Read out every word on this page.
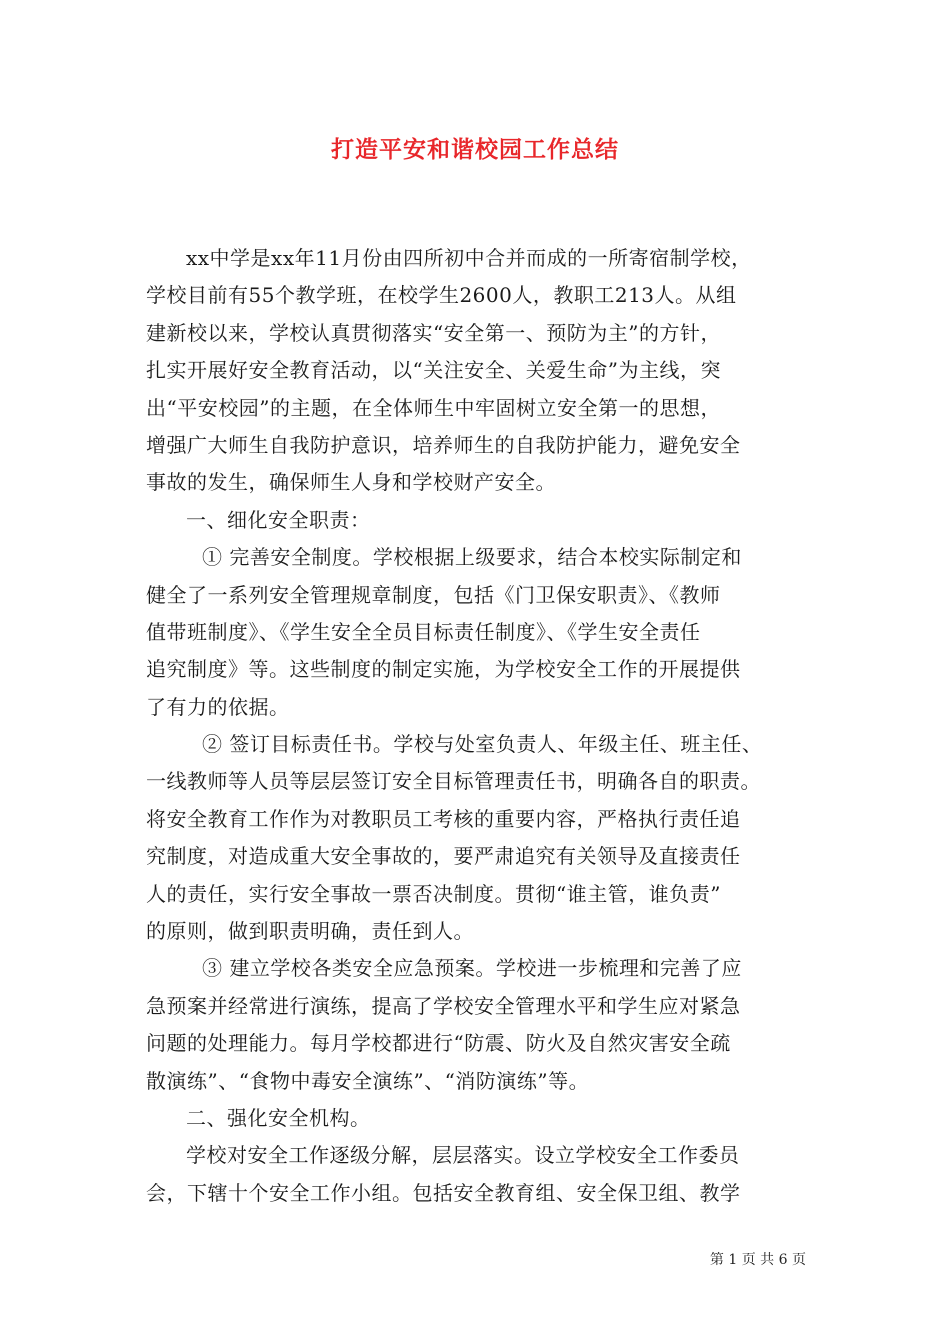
打造平安和谐校园工作总结
xx中学是xx年11月份由四所初中合并而成的一所寄宿制学校，
学校目前有55个教学班，在校学生2600人，教职工213人。从组
建新校以来，学校认真贯彻落实“安全第一、预防为主”的方针，
扎实开展好安全教育活动，以“关注安全、关爱生命”为主线，突
出“平安校园”的主题，在全体师生中牢固树立安全第一的思想，
增强广大师生自我防护意识，培养师生的自我防护能力，避免安全
事故的发生，确保师生人身和学校财产安全。
一、细化安全职责：
① 完善安全制度。学校根据上级要求，结合本校实际制定和
健全了一系列安全管理规章制度，包括《门卫保安职责》、《教师
值带班制度》、《学生安全全员目标责任制度》、《学生安全责任
追究制度》等。这些制度的制定实施，为学校安全工作的开展提供
了有力的依据。
② 签订目标责任书。学校与处室负责人、年级主任、班主任、
一线教师等人员等层层签订安全目标管理责任书，明确各自的职责。
将安全教育工作作为对教职员工考核的重要内容，严格执行责任追
究制度，对造成重大安全事故的，要严肃追究有关领导及直接责任
人的责任，实行安全事故一票否决制度。贯彻“谁主管，谁负责”
的原则，做到职责明确，责任到人。
③ 建立学校各类安全应急预案。学校进一步梳理和完善了应
急预案并经常进行演练，提高了学校安全管理水平和学生应对紧急
问题的处理能力。每月学校都进行“防震、防火及自然灾害安全疏
散演练”、“食物中毒安全演练”、“消防演练”等。
二、强化安全机构。
学校对安全工作逐级分解，层层落实。设立学校安全工作委员
会，下辖十个安全工作小组。包括安全教育组、安全保卫组、教学
第 1 页 共 6 页
